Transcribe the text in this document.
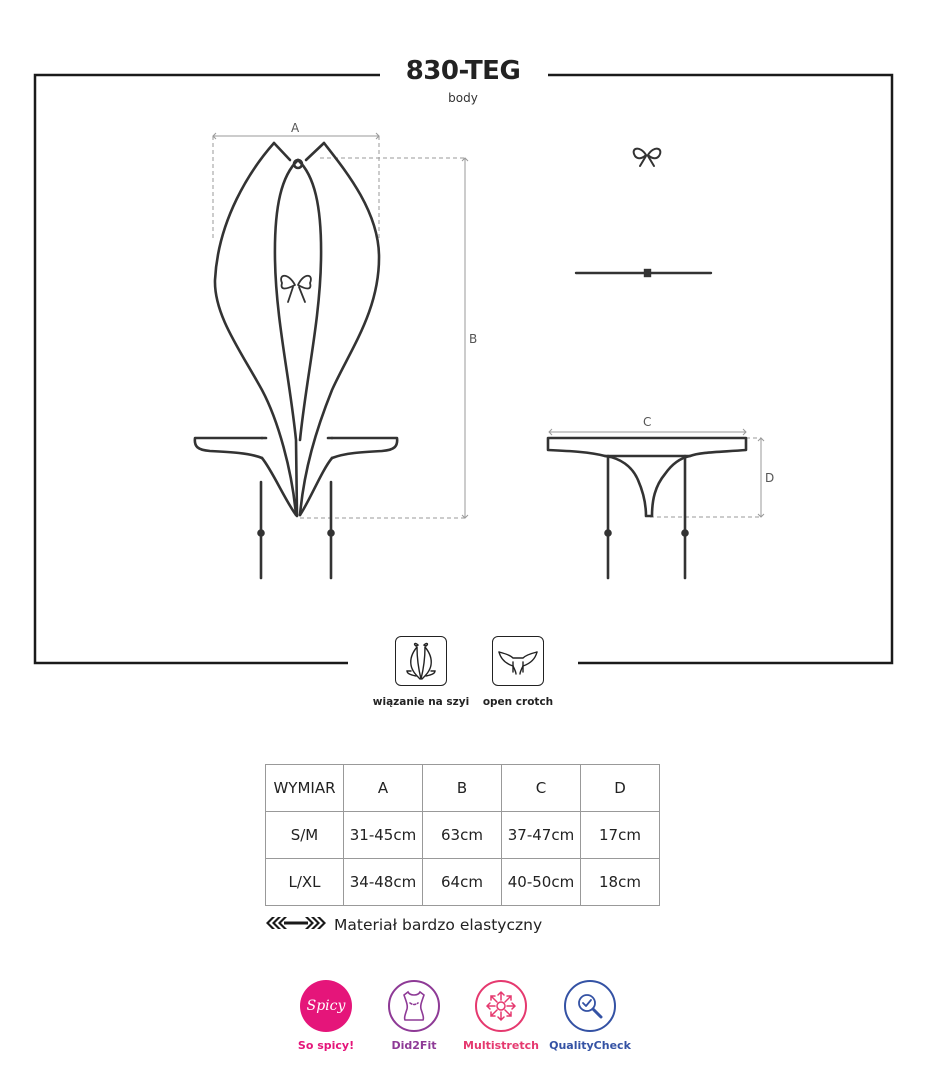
830-TEG
body
A
B
C
D
wiązanie na szyi	open crotch
WYMIAR	A	B	C	D
S/M	31-45cm	63cm	37-47cm	17cm
L/XL	34-48cm	64cm	40-50cm	18cm
Materiał bardzo elastyczny
Spicy
So spicy!	Did2Fit	Multistretch QualityCheck
